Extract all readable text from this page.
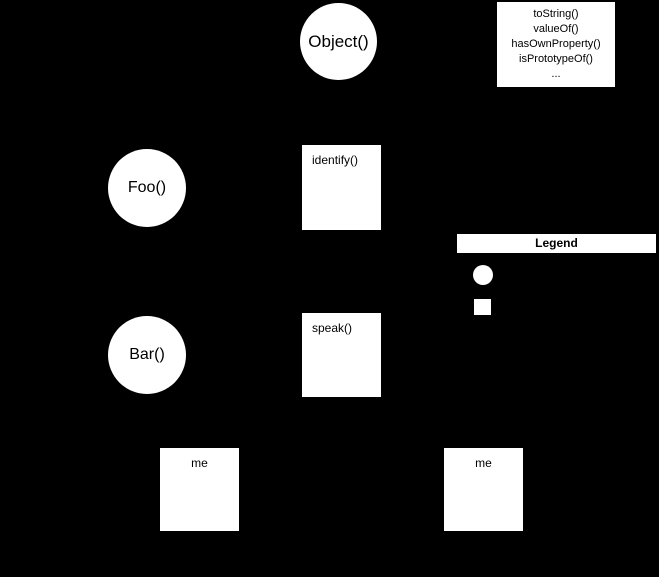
toString()
valueOf()
hasOwnProperty()
isPrototypeOf()
...
Object()
identify()
Foo()
Legend
speak()
Bar()
me	me
